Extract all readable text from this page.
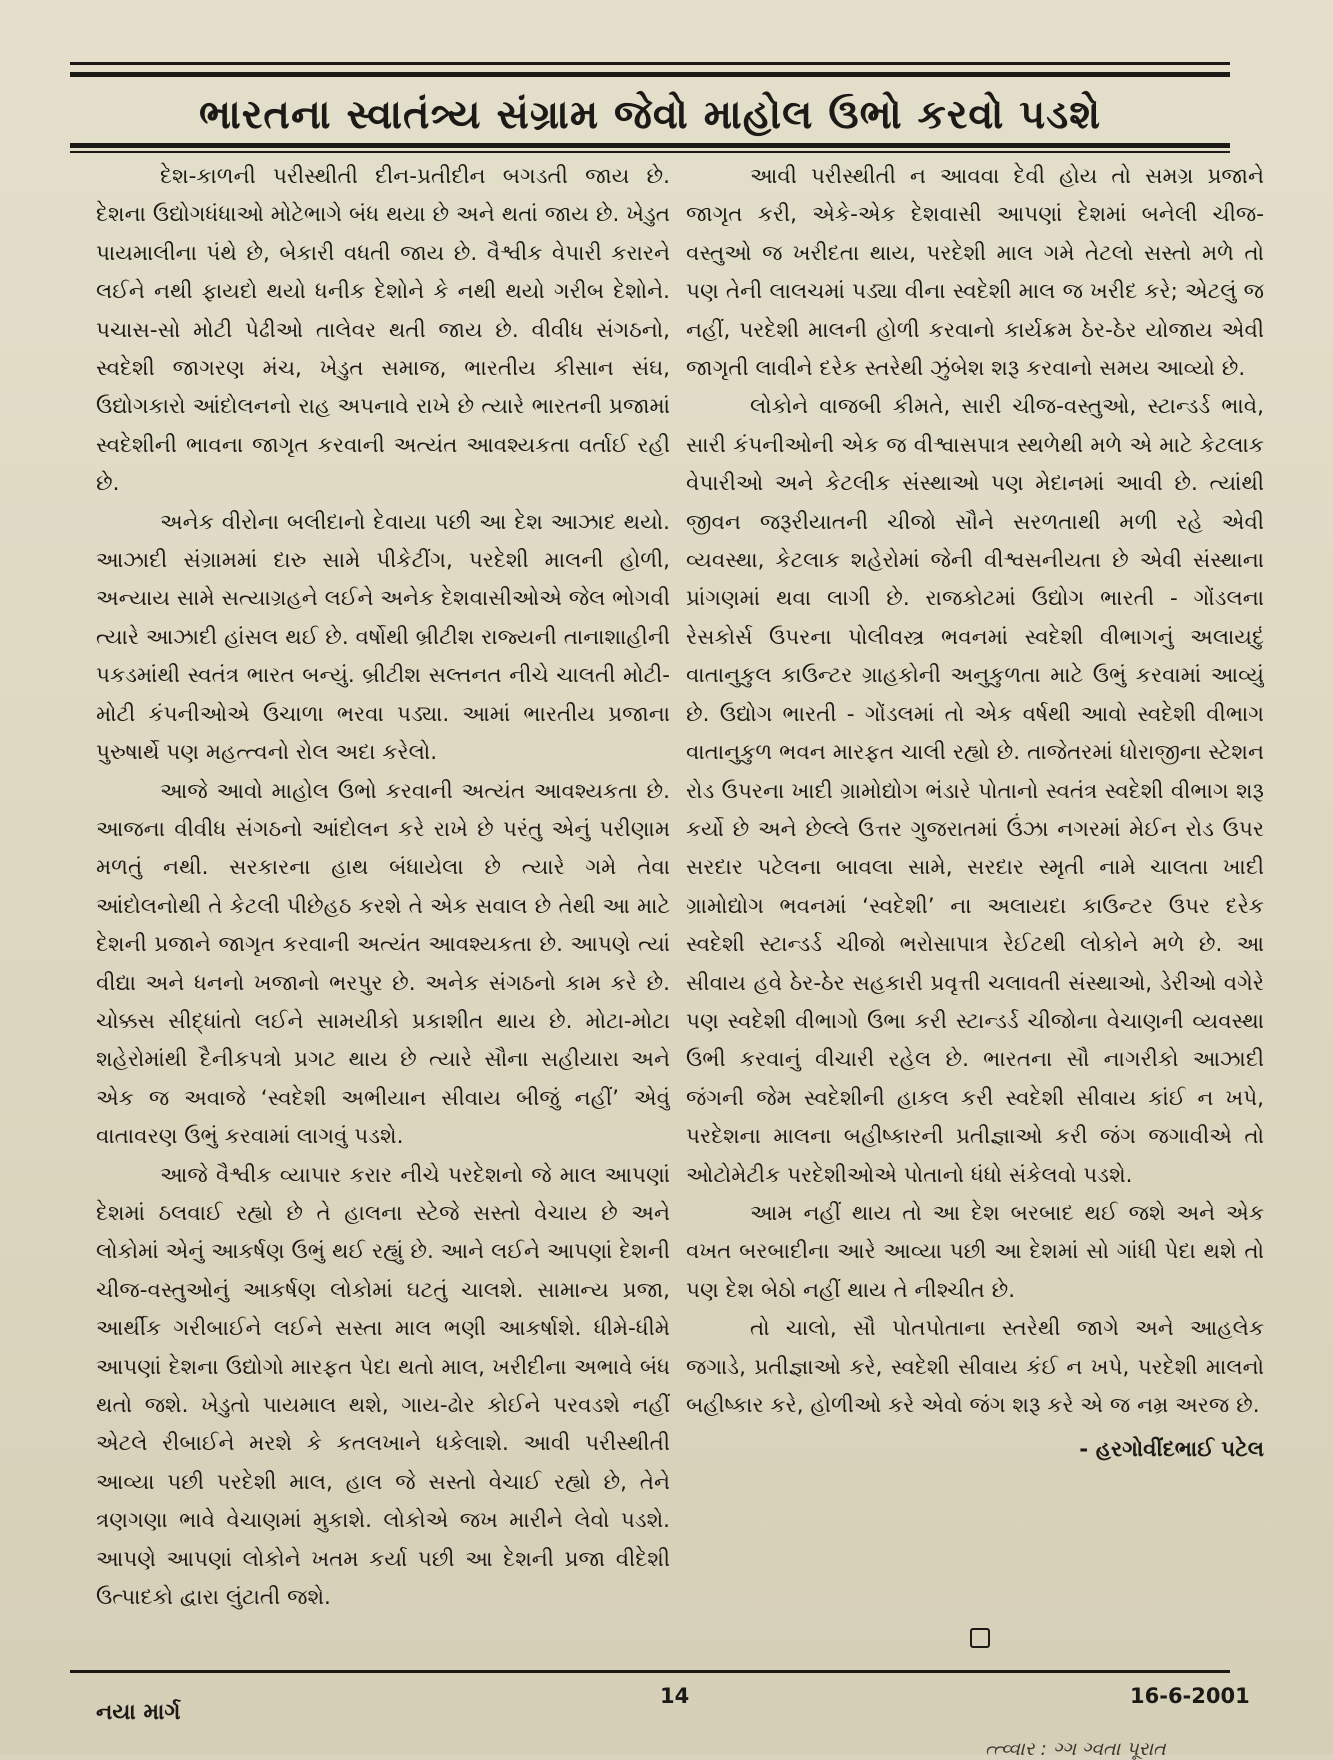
ભારતના સ્વાતંત્ર્ય સંગ્રામ જેવો માહોલ ઉભો કરવો પડશે

દેશ-કાળની પરીસ્થીતી દીન-પ્રતીદીન બગડતી જાય છે. દેશના ઉદ્યોગધંધાઓ મોટેભાગે બંધ થયા છે અને થતાં જાય છે. ખેડુત પાયમાલીના પંથે છે, બેકારી વધતી જાય છે. વૈશ્વીક વેપારી કરારને લઈને નથી ફાયદો થયો ધનીક દેશોને કે નથી થયો ગરીબ દેશોને. પચાસ-સો મોટી પેઢીઓ તાલેવર થતી જાય છે. વીવીધ સંગઠનો, સ્વદેશી જાગરણ મંચ, ખેડુત સમાજ, ભારતીય કીસાન સંઘ, ઉદ્યોગકારો આંદોલનનો રાહ અપનાવે રાખે છે ત્યારે ભારતની પ્રજામાં સ્વદેશીની ભાવના જાગૃત કરવાની અત્યંત આવશ્યકતા વર્તાઈ રહી છે.

અનેક વીરોના બલીદાનો દેવાયા પછી આ દેશ આઝાદ થયો. આઝાદી સંગ્રામમાં દારુ સામે પીકેટીંગ, પરદેશી માલની હોળી, અન્યાય સામે સત્યાગ્રહને લઈને અનેક દેશવાસીઓએ જેલ ભોગવી ત્યારે આઝાદી હાંસલ થઈ છે. વર્ષોથી બ્રીટીશ રાજ્યની તાનાશાહીની પકડમાંથી સ્વતંત્ર ભારત બન્યું. બ્રીટીશ સલ્તનત નીચે ચાલતી મોટી-મોટી કંપનીઓએ ઉચાળા ભરવા પડ્યા. આમાં ભારતીય પ્રજાના પુરુષાર્થે પણ મહત્ત્વનો રોલ અદા કરેલો.

આજે આવો માહોલ ઉભો કરવાની અત્યંત આવશ્યકતા છે. આજના વીવીધ સંગઠનો આંદોલન કરે રાખે છે પરંતુ એનું પરીણામ મળતું નથી. સરકારના હાથ બંધાયેલા છે ત્યારે ગમે તેવા આંદોલનોથી તે કેટલી પીછેહઠ કરશે તે એક સવાલ છે તેથી આ માટે દેશની પ્રજાને જાગૃત કરવાની અત્યંત આવશ્યકતા છે. આપણે ત્યાં વીદ્યા અને ધનનો ખજાનો ભરપુર છે. અનેક સંગઠનો કામ કરે છે. ચોક્કસ સીદ્ધાંતો લઈને સામયીકો પ્રકાશીત થાય છે. મોટા-મોટા શહેરોમાંથી દૈનીકપત્રો પ્રગટ થાય છે ત્યારે સૌના સહીયારા અને એક જ અવાજે ‘સ્વદેશી અભીયાન સીવાય બીજું નહીં’ એવું વાતાવરણ ઉભું કરવામાં લાગવું પડશે.

આજે વૈશ્વીક વ્યાપાર કરાર નીચે પરદેશનો જે માલ આપણાં દેશમાં ઠલવાઈ રહ્યો છે તે હાલના સ્ટેજે સસ્તો વેચાય છે અને લોકોમાં એનું આકર્ષણ ઉભું થઈ રહ્યું છે. આને લઈને આપણાં દેશની ચીજ-વસ્તુઓનું આકર્ષણ લોકોમાં ઘટતું ચાલશે. સામાન્ય પ્રજા, આર્થીક ગરીબાઈને લઈને સસ્તા માલ ભણી આકર્ષાશે. ધીમે-ધીમે આપણાં દેશના ઉદ્યોગો મારફત પેદા થતો માલ, ખરીદીના અભાવે બંધ થતો જશે. ખેડુતો પાયમાલ થશે, ગાય-ઢોર કોઈને પરવડશે નહીં એટલે રીબાઈને મરશે કે કતલખાને ધકેલાશે. આવી પરીસ્થીતી આવ્યા પછી પરદેશી માલ, હાલ જે સસ્તો વેચાઈ રહ્યો છે, તેને ત્રણગણા ભાવે વેચાણમાં મુકાશે. લોકોએ જખ મારીને લેવો પડશે. આપણે આપણાં લોકોને ખતમ કર્યા પછી આ દેશની પ્રજા વીદેશી ઉત્પાદકો દ્વારા લુંટાતી જશે.

આવી પરીસ્થીતી ન આવવા દેવી હોય તો સમગ્ર પ્રજાને જાગૃત કરી, એકે-એક દેશવાસી આપણાં દેશમાં બનેલી ચીજ-વસ્તુઓ જ ખરીદતા થાય, પરદેશી માલ ગમે તેટલો સસ્તો મળે તો પણ તેની લાલચમાં પડ્યા વીના સ્વદેશી માલ જ ખરીદ કરે; એટલું જ નહીં, પરદેશી માલની હોળી કરવાનો કાર્યક્રમ ઠેર-ઠેર યોજાય એવી જાગૃતી લાવીને દરેક સ્તરેથી ઝુંબેશ શરૂ કરવાનો સમય આવ્યો છે.

લોકોને વાજબી કીમતે, સારી ચીજ-વસ્તુઓ, સ્ટાન્ડર્ડ ભાવે, સારી કંપનીઓની એક જ વીશ્વાસપાત્ર સ્થળેથી મળે એ માટે કેટલાક વેપારીઓ અને કેટલીક સંસ્થાઓ પણ મેદાનમાં આવી છે. ત્યાંથી જીવન જરૂરીયાતની ચીજો સૌને સરળતાથી મળી રહે એવી વ્યવસ્થા, કેટલાક શહેરોમાં જેની વીશ્વસનીયતા છે એવી સંસ્થાના પ્રાંગણમાં થવા લાગી છે. રાજકોટમાં ઉદ્યોગ ભારતી - ગોંડલના રેસકોર્સ ઉપરના પોલીવસ્ત્ર ભવનમાં સ્વદેશી વીભાગનું અલાયદું વાતાનુકુલ કાઉન્ટર ગ્રાહકોની અનુકુળતા માટે ઉભું કરવામાં આવ્યું છે. ઉદ્યોગ ભારતી - ગોંડલમાં તો એક વર્ષથી આવો સ્વદેશી વીભાગ વાતાનુકુળ ભવન મારફત ચાલી રહ્યો છે. તાજેતરમાં ધોરાજીના સ્ટેશન રોડ ઉપરના ખાદી ગ્રામોદ્યોગ ભંડારે પોતાનો સ્વતંત્ર સ્વદેશી વીભાગ શરૂ કર્યો છે અને છેલ્લે ઉત્તર ગુજરાતમાં ઉંઝા નગરમાં મેઈન રોડ ઉપર સરદાર પટેલના બાવલા સામે, સરદાર સ્મૃતી નામે ચાલતા ખાદી ગ્રામોદ્યોગ ભવનમાં ‘સ્વદેશી’ ના અલાયદા કાઉન્ટર ઉપર દરેક સ્વદેશી સ્ટાન્ડર્ડ ચીજો ભરોસાપાત્ર રેઈટથી લોકોને મળે છે. આ સીવાય હવે ઠેર-ઠેર સહકારી પ્રવૃત્તી ચલાવતી સંસ્થાઓ, ડેરીઓ વગેરે પણ સ્વદેશી વીભાગો ઉભા કરી સ્ટાન્ડર્ડ ચીજોના વેચાણની વ્યવસ્થા ઉભી કરવાનું વીચારી રહેલ છે. ભારતના સૌ નાગરીકો આઝાદી જંગની જેમ સ્વદેશીની હાકલ કરી સ્વદેશી સીવાય કાંઈ ન ખપે, પરદેશના માલના બહીષ્કારની પ્રતીજ્ઞાઓ કરી જંગ જગાવીએ તો ઓટોમેટીક પરદેશીઓએ પોતાનો ધંધો સંકેલવો પડશે.

આમ નહીં થાય તો આ દેશ બરબાદ થઈ જશે અને એક વખત બરબાદીના આરે આવ્યા પછી આ દેશમાં સો ગાંધી પેદા થશે તો પણ દેશ બેઠો નહીં થાય તે નીશ્ચીત છે.

તો ચાલો, સૌ પોતપોતાના સ્તરેથી જાગે અને આહલેક જગાડે, પ્રતીજ્ઞાઓ કરે, સ્વદેશી સીવાય કંઈ ન ખપે, પરદેશી માલનો બહીષ્કાર કરે, હોળીઓ કરે એવો જંગ શરૂ કરે એ જ નમ્ર અરજ છે.

- હરગોવીંદભાઈ પટેલ

નયા માર્ગ
14	16-6-2001
ત્ત્વ્વાર : ગ્ગ ગ્વતા પૂરાત
